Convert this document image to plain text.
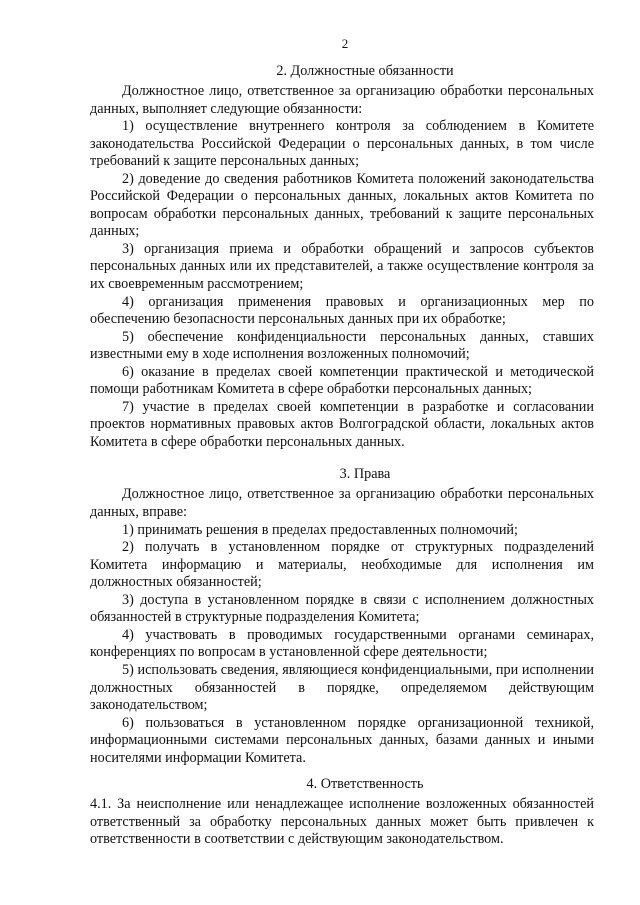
2
2. Должностные обязанности

Должностное лицо, ответственное за организацию обработки персональных данных, выполняет следующие обязанности:

1) осуществление внутреннего контроля за соблюдением в Комитете законодательства Российской Федерации о персональных данных, в том числе требований к защите персональных данных;

2) доведение до сведения работников Комитета положений законодательства Российской Федерации о персональных данных, локальных актов Комитета по вопросам обработки персональных данных, требований к защите персональных данных;

3) организация приема и обработки обращений и запросов субъектов персональных данных или их представителей, а также осуществление контроля за их своевременным рассмотрением;

4) организация применения правовых и организационных мер по обеспечению безопасности персональных данных при их обработке;

5) обеспечение конфиденциальности персональных данных, ставших известными ему в ходе исполнения возложенных полномочий;

6) оказание в пределах своей компетенции практической и методической помощи работникам Комитета в сфере обработки персональных данных;

7) участие в пределах своей компетенции в разработке и согласовании проектов нормативных правовых актов Волгоградской области, локальных актов Комитета в сфере обработки персональных данных.

3. Права

Должностное лицо, ответственное за организацию обработки персональных данных, вправе:

1) принимать решения в пределах предоставленных полномочий;

2) получать в установленном порядке от структурных подразделений Комитета информацию и материалы, необходимые для исполнения им должностных обязанностей;

3) доступа в установленном порядке в связи с исполнением должностных обязанностей в структурные подразделения Комитета;

4) участвовать в проводимых государственными органами семинарах, конференциях по вопросам в установленной сфере деятельности;

5) использовать сведения, являющиеся конфиденциальными, при исполнении должностных обязанностей в порядке, определяемом действующим законодательством;

6) пользоваться в установленном порядке организационной техникой, информационными системами персональных данных, базами данных и иными носителями информации Комитета.

4. Ответственность

4.1. За неисполнение или ненадлежащее исполнение возложенных обязанностей ответственный за обработку персональных данных может быть привлечен к ответственности в соответствии с действующим законодательством.
